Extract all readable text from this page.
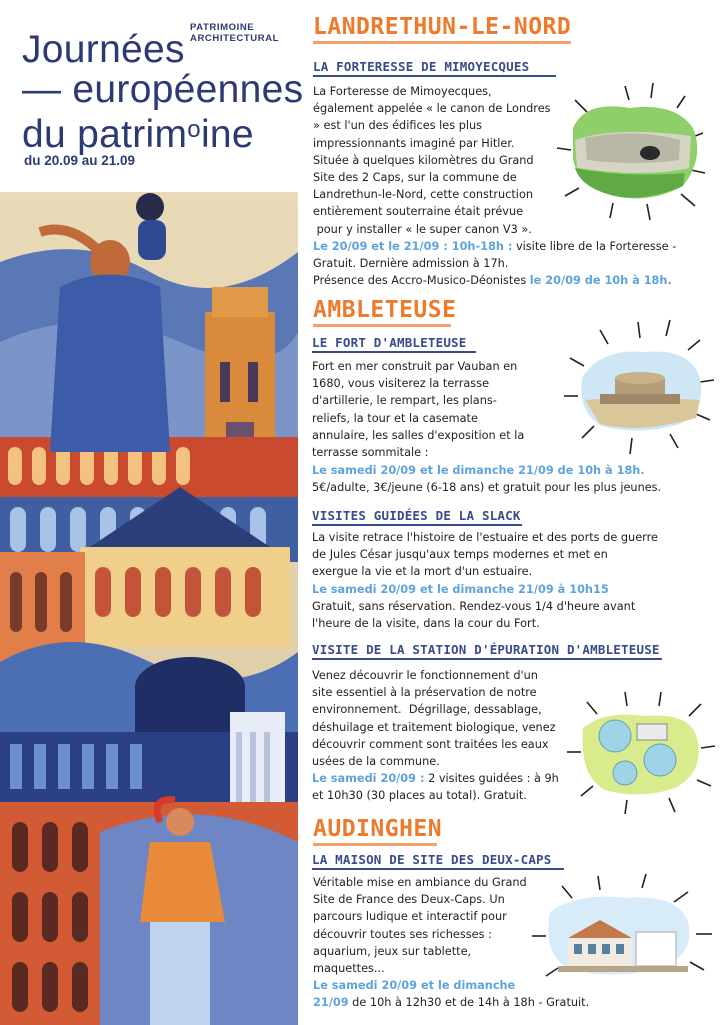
PATRIMOINE
ARCHITECTURAL
Journées
— européennes
du patrim$^o$ine
du 20.09 au 21.09
LANDRETHUN-LE-NORD
LA FORTERESSE DE MIMOYECQUES

La Forteresse de Mimoyecques,

également appelée « le canon de Londres

» est l'un des édifices les plus

impressionnants imaginé par Hitler.

Située à quelques kilomètres du Grand

Site des 2 Caps, sur la commune de

Landrethun-le-Nord, cette construction

entièrement souterraine était prévue

pour y installer « le super canon V3 ».

Le 20/09 et le 21/09 : 10h-18h : visite libre de la Forteresse -

Gratuit. Dernière admission à 17h.

Présence des Accro-Musico-Déonistes le 20/09 de 10h à 18h.

AMBLETEUSE
LE FORT D'AMBLETEUSE

Fort en mer construit par Vauban en

1680, vous visiterez la terrasse

d'artillerie, le rempart, les plans-

reliefs, la tour et la casemate

annulaire, les salles d'exposition et la

terrasse sommitale :

Le samedi 20/09 et le dimanche 21/09 de 10h à 18h.

5€/adulte, 3€/jeune (6-18 ans) et gratuit pour les plus jeunes.

VISITES GUIDÉES DE LA SLACK

La visite retrace l'histoire de l'estuaire et des ports de guerre

de Jules César jusqu'aux temps modernes et met en

exergue la vie et la mort d'un estuaire.

Le samedi 20/09 et le dimanche 21/09 à 10h15

Gratuit, sans réservation. Rendez-vous 1/4 d'heure avant

l'heure de la visite, dans la cour du Fort.

VISITE DE LA STATION D'ÉPURATION D'AMBLETEUSE

Venez découvrir le fonctionnement d'un

site essentiel à la préservation de notre

environnement.  Dégrillage, dessablage,

déshuilage et traitement biologique, venez

découvrir comment sont traitées les eaux

usées de la commune.

Le samedi 20/09 : 2 visites guidées : à 9h

et 10h30 (30 places au total). Gratuit.

AUDINGHEN
LA MAISON DE SITE DES DEUX-CAPS

Véritable mise en ambiance du Grand

Site de France des Deux-Caps. Un

parcours ludique et interactif pour

découvrir toutes ses richesses :

aquarium, jeux sur tablette,

maquettes...

Le samedi 20/09 et le dimanche

21/09 de 10h à 12h30 et de 14h à 18h - Gratuit.
